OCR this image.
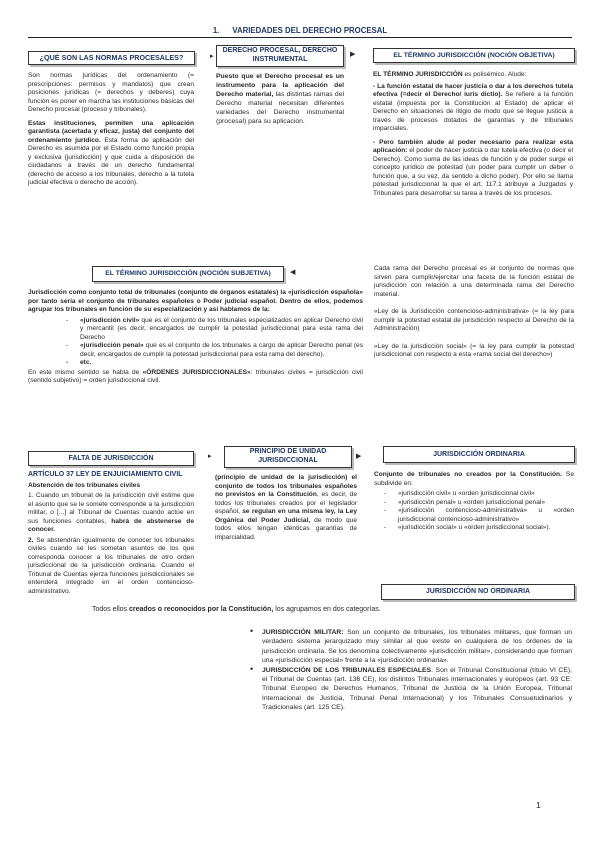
1. VARIEDADES DEL DERECHO PROCESAL
¿QUÉ SON LAS NORMAS PROCESALES?	▸
DERECHO PROCESAL, DERECHO INSTRUMENTAL
▶	EL TÉRMINO JURISDICCIÓN (NOCIÓN OBJETIVA)

Son normas jurídicas del ordenamiento (= prescripciones: permisos y mandatos) que crean posiciones jurídicas (= derechos y deberes) cuya función es poner en marcha las instituciones básicas del Derecho procesal (proceso y tribunales).

Estas instituciones, permiten una aplicación garantista (acertada y eficaz, justa) del conjunto del ordenamiento jurídico. Esta forma de aplicación del Derecho es asumida por el Estado como función propia y exclusiva (jurisdicción) y que cuida a disposición de ciudadanos a través de un derecho fundamental (derecho de acceso a los tribunales, derecho a la tutela judicial efectiva o derecho de acción).

Puesto que el Derecho procesal es un instrumento para la aplicación del Derecho material, las distintas ramas del Derecho material necesitan diferentes variedades del Derecho instrumental (procesal) para su aplicación.

EL TÉRMINO JURISDICCIÓN es polisémico. Alude:

- La función estatal de hacer justicia o dar a los derechos tutela efectiva (=decir el Derecho/ iuris dictio). Se refiere a la función estatal (impuesta por la Constitución al Estado) de aplicar el Derecho en situaciones de litigio de modo que se llegue justicia a través de procesos dotados de garantías y de tribunales imparciales.

- Pero también alude al poder necesario para realizar esta aplicación: el poder de hacer justicia o dar tutela efectiva (o decir el Derecho). Como suma de las ideas de función y de poder surge el concepto jurídico de potestad (un poder para cumplir un deber o función que, a su vez, da sentido a dicho poder). Por ello se llama potestad jurisdiccional la que el art. 117.1 atribuye a Juzgados y Tribunales para desarrollar su tarea a través de los procesos.

EL TÉRMINO JURISDICCIÓN (NOCIÓN SUBJETIVA)	◀

Cada rama del Derecho procesal es el conjunto de normas que sirven para cumplir/ejercitar una faceta de la función estatal de jurisdicción con relación a una determinada rama del Derecho material.

«Ley de la Jurisdicción contencioso-administrativa» (= la ley para cumplir la potestad estatal de jurisdicción respecto al Derecho de la Administración)

«Ley de la jurisdicción social» (= la ley para cumplir la potestad jurisdiccional con respecto a esta «rama social del derecho»)

Jurisdicción como conjunto total de tribunales (conjunto de órganos estatales) la «jurisdicción española» por tanto sería el conjunto de tribunales españoles o Poder judicial español. Dentro de ellos, podemos agrupar los tribunales en función de su especialización y así hablamos de la:

- «jurisdicción civil» que es el conjunto de los tribunales especializados en aplicar Derecho civil y mercantil (es decir, encargados de cumplir la potestad jurisdiccional para esta rama del Derecho
- «jurisdicción penal» que es el conjunto de los tribunales a cargo de aplicar Derecho penal (es decir, encargados de cumplir la potestad jurisdiccional para esta rama del derecho).
- etc.

En este mismo sentido se habla de «ÓRDENES JURISDICCIONALES»: tribunales civiles = jurisdicción civil (sentido subjetivo) = orden jurisdiccional civil.

FALTA DE JURISDICCIÓN	▸
PRINCIPIO DE UNIDAD JURISDICCIONAL
▶	JURISDICCIÓN ORDINARIA

ARTÍCULO 37 LEY DE ENJUICIAMIENTO CIVIL

Abstención de los tribunales civiles

1. Cuando un tribunal de la jurisdicción civil estime que el asunto que se le somete corresponde a la jurisdicción militar, o [...] al Tribunal de Cuentas cuando actúe en sus funciones contables, habrá de abstenerse de conocer.

2. Se abstendrán igualmente de conocer los tribunales civiles cuando se les sometan asuntos de los que corresponda conocer a los tribunales de otro orden jurisdiccional de la jurisdicción ordinaria. Cuando el Tribunal de Cuentas ejerza funciones jurisdiccionales se entenderá integrado en el orden contencioso-administrativo.

(principio de unidad de la jurisdicción) el conjunto de todos los tribunales españoles no previstos en la Constitución, es decir, de todos los tribunales creados por el legislador español, se regulan en una misma ley, la Ley Orgánica del Poder Judicial, de modo que todos ellos tengan idénticas garantías de imparcialidad.

Conjunto de tribunales no creados por la Constitución. Se subdivide en:

- «jurisdicción civil» u «orden jurisdiccional civil»
- «jurisdicción penal» u «orden jurisdiccional penal»
- «jurisdicción contencioso-administrativa» u «orden jurisdiccional contencioso-administrativo»
- «jurisdicción social» u «orden jurisdiccional social»).
JURISDICCIÓN NO ORDINARIA

Todos ellos creados o reconocidos por la Constitución, los agrupamos en dos categorías.

• JURISDICCIÓN MILITAR: Son un conjunto de tribunales, los tribunales militares, que forman un verdadero sistema jerarquizado muy similar al que existe en cualquiera de los órdenes de la jurisdicción ordinaria. Se los denomina colectivamente «jurisdicción militar», considerando que forman una «jurisdicción especial» frente a la «jurisdicción ordinaria».
• JURISDICCIÓN DE LOS TRIBUNALES ESPECIALES. Son el Tribunal Constitucional (título VI CE), el Tribunal de Cuentas (art. 136 CE), los distintos Tribunales internacionales y europeos (art. 93 CE: Tribunal Europeo de Derechos Humanos, Tribunal de Justicia de la Unión Europea, Tribunal Internacional de Justicia, Tribunal Penal Internacional) y los Tribunales Consuetudinarios y Tradicionales (art. 125 CE).
1
